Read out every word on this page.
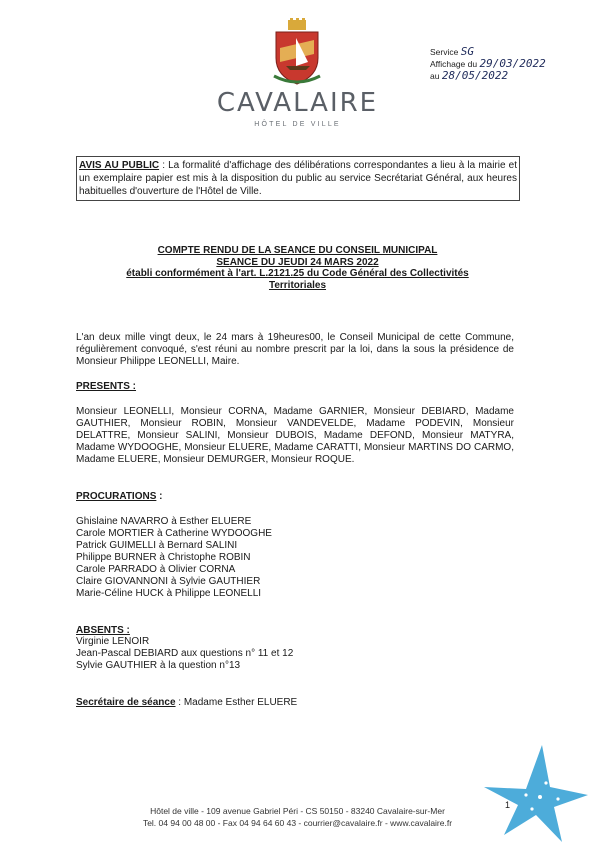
CAVALAIRE
HÔTEL DE VILLE
Service SG
Affichage du 29/03/2022
au 28/05/2022
AVIS AU PUBLIC : La formalité d'affichage des délibérations correspondantes a lieu à la mairie et un exemplaire papier est mis à la disposition du public au service Secrétariat Général, aux heures habituelles d'ouverture de l'Hôtel de Ville.
COMPTE RENDU DE LA SEANCE DU CONSEIL MUNICIPAL
SEANCE DU JEUDI 24 MARS 2022
établi conformément à l'art. L.2121.25 du Code Général des Collectivités
Territoriales
L'an deux mille vingt deux, le 24 mars à 19heures00, le Conseil Municipal de cette Commune, régulièrement convoqué, s'est réuni au nombre prescrit par la loi, dans la sous la présidence de Monsieur Philippe LEONELLI, Maire.
PRESENTS :
Monsieur LEONELLI, Monsieur CORNA, Madame GARNIER, Monsieur DEBIARD, Madame GAUTHIER, Monsieur ROBIN, Monsieur VANDEVELDE, Madame PODEVIN, Monsieur DELATTRE, Monsieur SALINI, Monsieur DUBOIS, Madame DEFOND, Monsieur MATYRA, Madame WYDOOGHE, Monsieur ELUERE, Madame CARATTI, Monsieur MARTINS DO CARMO, Madame ELUERE, Monsieur DEMURGER, Monsieur ROQUE.
PROCURATIONS :
Ghislaine NAVARRO à Esther ELUERE
Carole MORTIER à Catherine WYDOOGHE
Patrick GUIMELLI à Bernard SALINI
Philippe BURNER à Christophe ROBIN
Carole PARRADO à Olivier CORNA
Claire GIOVANNONI à Sylvie GAUTHIER
Marie-Céline HUCK à Philippe LEONELLI
ABSENTS :
Virginie LENOIR
Jean-Pascal DEBIARD aux questions n° 11 et 12
Sylvie GAUTHIER à la question n°13
Secrétaire de séance : Madame Esther ELUERE
1
Hôtel de ville - 109 avenue Gabriel Péri - CS 50150 - 83240 Cavalaire-sur-Mer
Tel. 04 94 00 48 00 - Fax 04 94 64 60 43 - courrier@cavalaire.fr - www.cavalaire.fr
